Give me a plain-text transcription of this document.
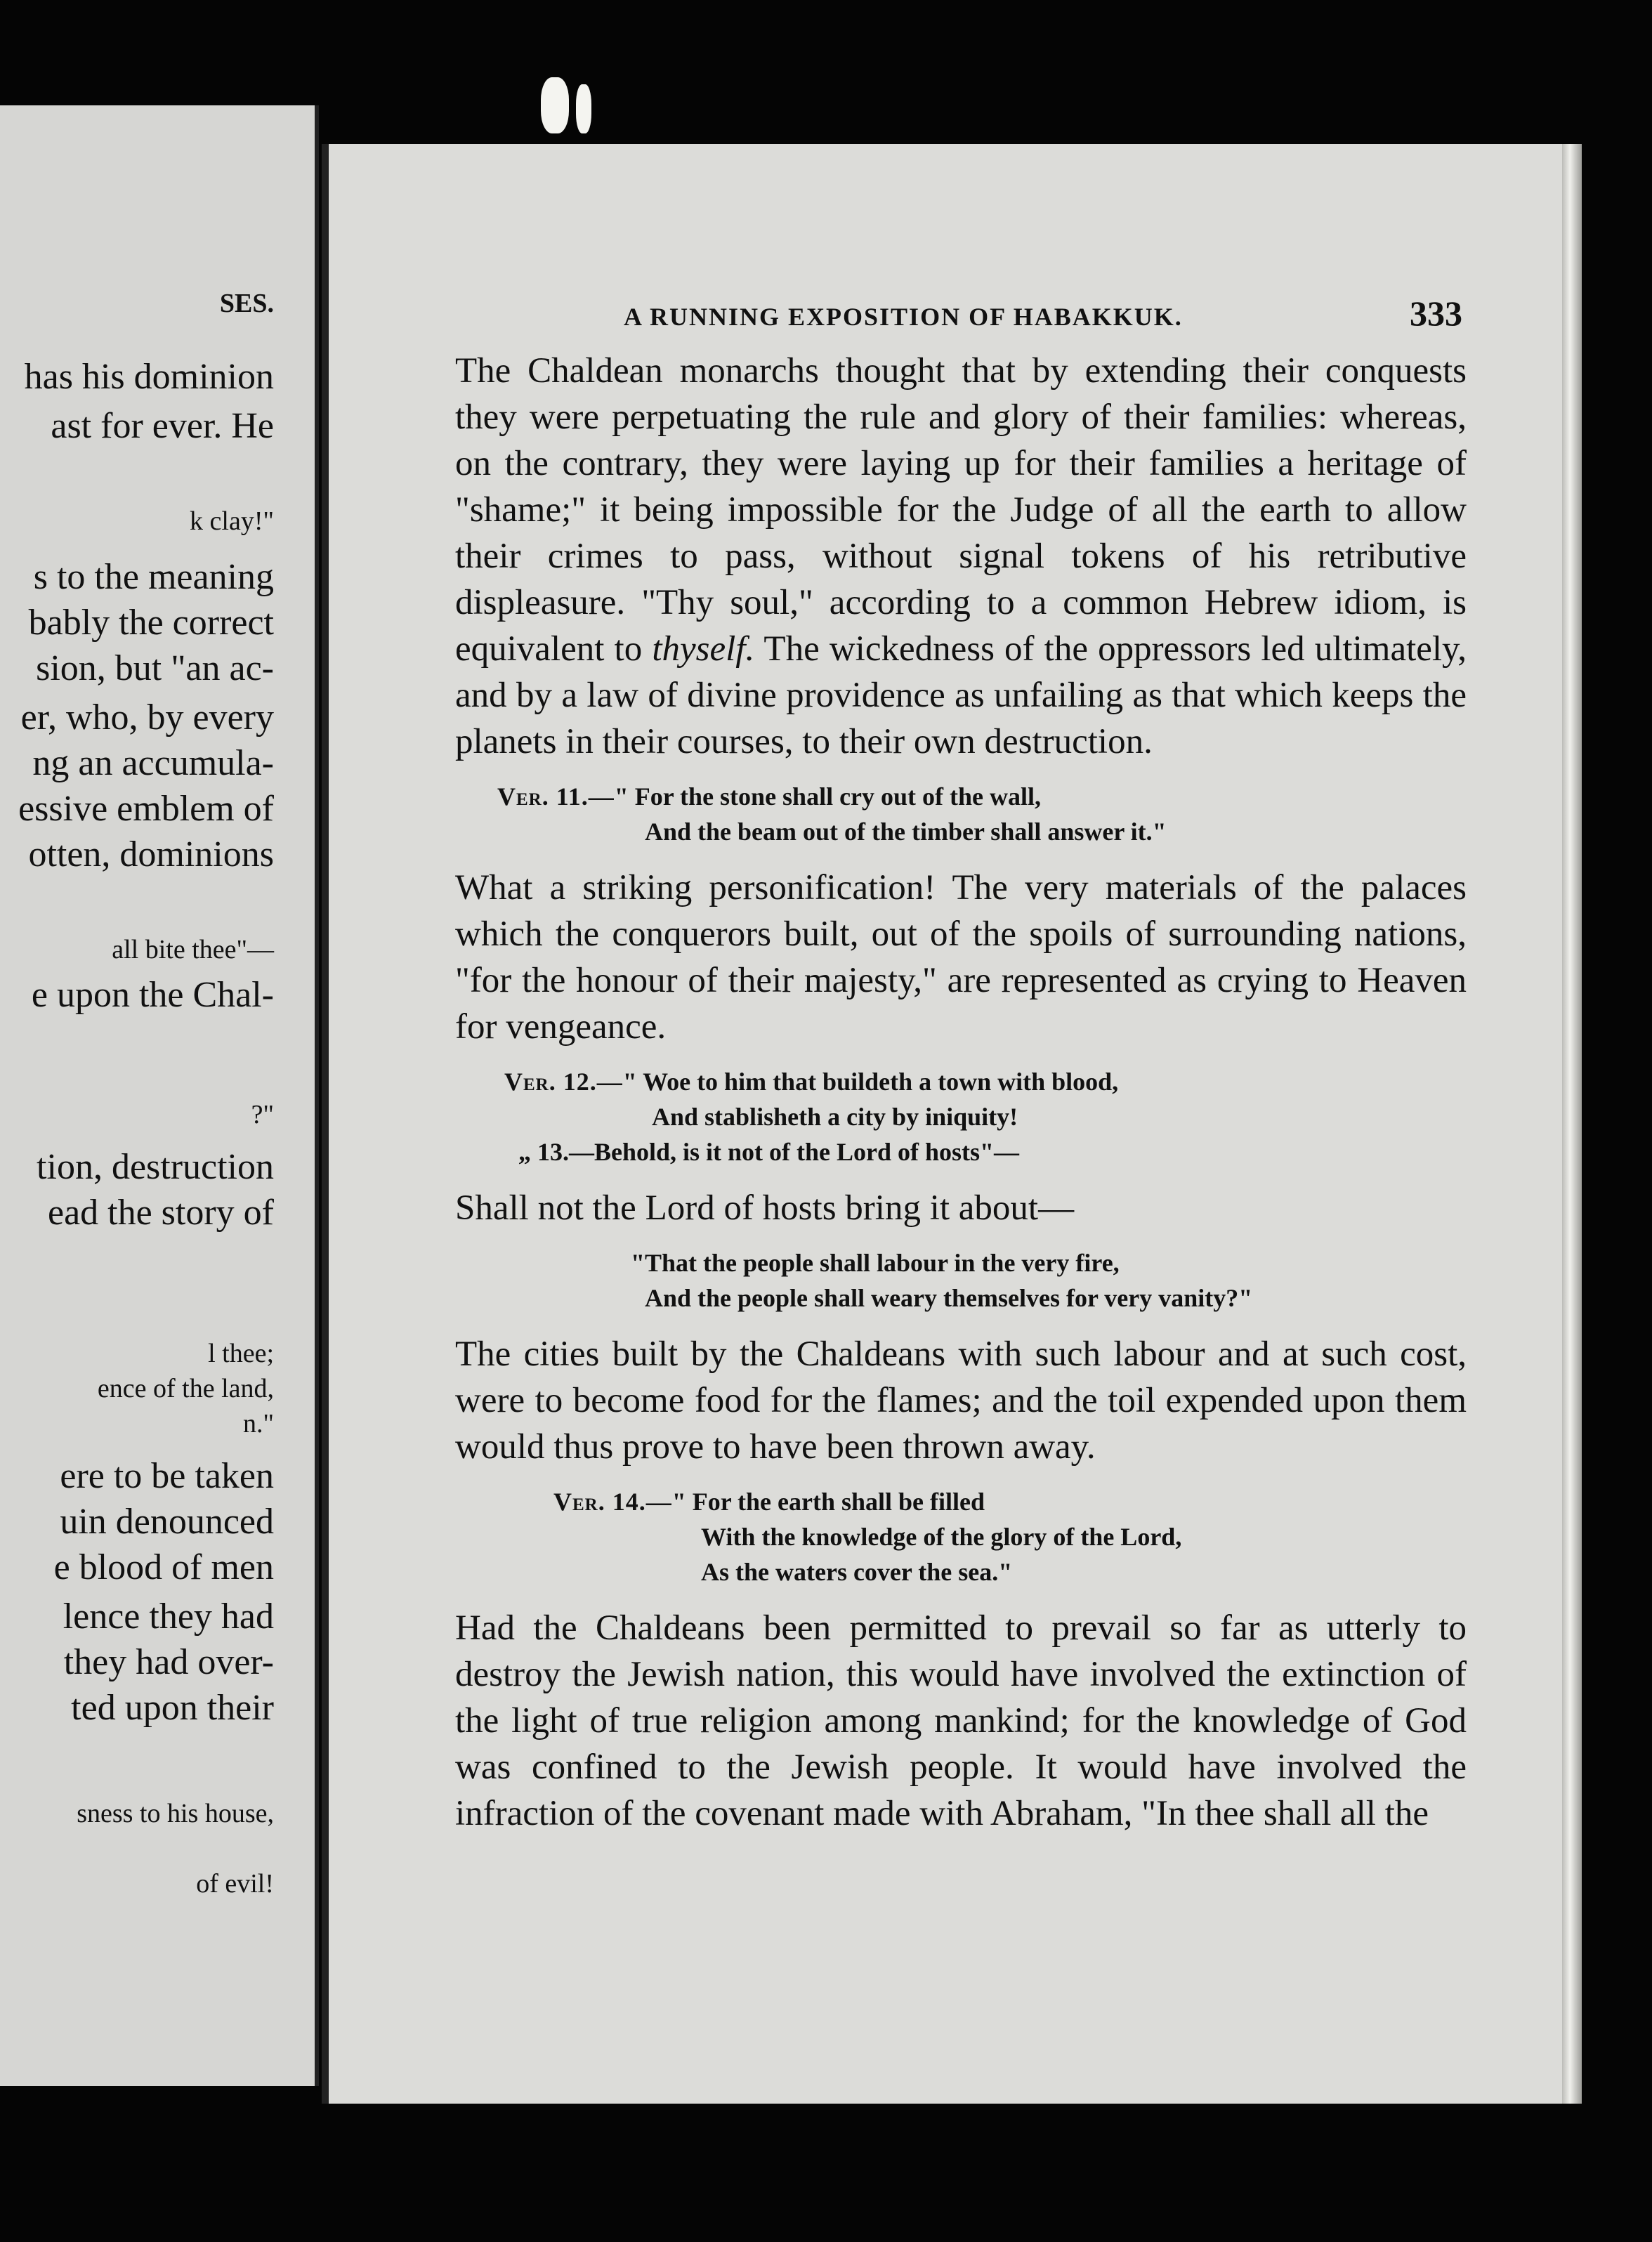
SES.
has his dominion
ast for ever. He
k clay!"
s to the meaning
bably the correct
sion, but "an ac-
er, who, by every
ng an accumula-
essive emblem of
otten, dominions
all bite thee"—
e upon the Chal-
?"
tion, destruction
ead the story of
l thee;
ence of the land,
n."
ere to be taken
uin denounced
e blood of men
lence they had
they had over-
ted upon their
sness to his house,
of evil!
A RUNNING EXPOSITION OF HABAKKUK.	333

The Chaldean monarchs thought that by extending their conquests they were perpetuating the rule and glory of their families: whereas, on the contrary, they were laying up for their families a heritage of "shame;" it being impossible for the Judge of all the earth to allow their crimes to pass, without signal tokens of his retributive displeasure. "Thy soul," according to a common Hebrew idiom, is equivalent to thyself. The wickedness of the oppressors led ultimately, and by a law of divine providence as unfailing as that which keeps the planets in their courses, to their own destruction.

Ver. 11.—" For the stone shall cry out of the wall,
And the beam out of the timber shall answer it."

What a striking personification! The very materials of the palaces which the conquerors built, out of the spoils of surrounding nations, "for the honour of their majesty," are represented as crying to Heaven for vengeance.

Ver. 12.—" Woe to him that buildeth a town with blood,
And stablisheth a city by iniquity!
„ 13.—Behold, is it not of the Lord of hosts"—

Shall not the Lord of hosts bring it about—

"That the people shall labour in the very fire,
And the people shall weary themselves for very vanity?"

The cities built by the Chaldeans with such labour and at such cost, were to become food for the flames; and the toil expended upon them would thus prove to have been thrown away.

Ver. 14.—" For the earth shall be filled
With the knowledge of the glory of the Lord,
As the waters cover the sea."

Had the Chaldeans been permitted to prevail so far as utterly to destroy the Jewish nation, this would have involved the extinction of the light of true religion among mankind; for the knowledge of God was confined to the Jewish people. It would have involved the infraction of the covenant made with Abraham, "In thee shall all the
